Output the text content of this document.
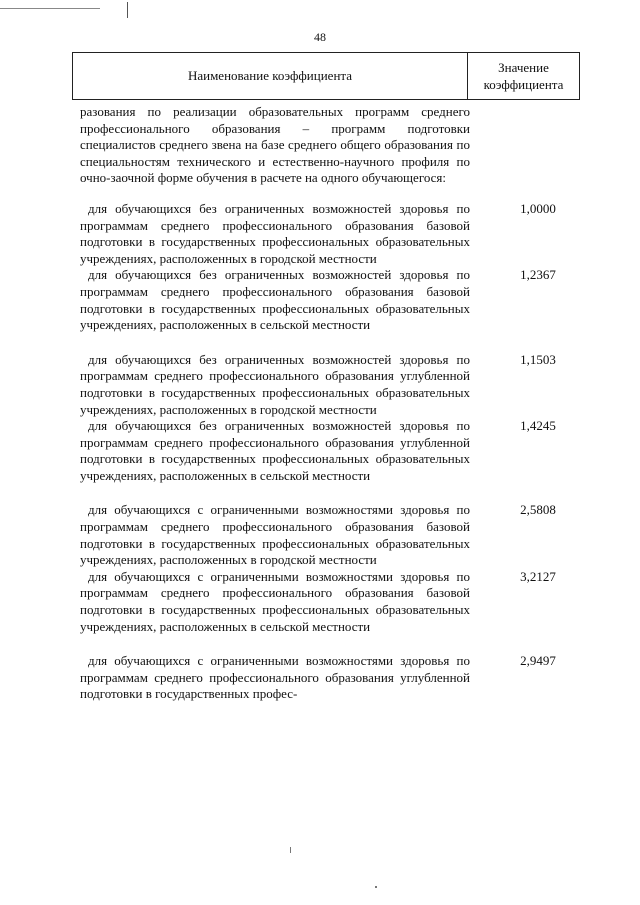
48
Наименование коэффициента
Значение
коэффициента
разования по реализации образовательных программ среднего профессионального образования – программ подготовки специалистов среднего звена на базе среднего общего образования по специальностям технического и естественно-научного профиля по очно-заочной форме обучения в расчете на одного обучающегося:
для обучающихся без ограниченных возможностей здоровья по программам среднего профессионального образования базовой подготовки в государственных профессиональных образовательных учреждениях, расположенных в городской местности
1,0000
для обучающихся без ограниченных возможностей здоровья по программам среднего профессионального образования базовой подготовки в государственных профессиональных образовательных учреждениях, расположенных в сельской местности
1,2367
для обучающихся без ограниченных возможностей здоровья по программам среднего профессионального образования углубленной подготовки в государственных профессиональных образовательных учреждениях, расположенных в городской местности
1,1503
для обучающихся без ограниченных возможностей здоровья по программам среднего профессионального образования углубленной подготовки в государственных профессиональных образовательных учреждениях, расположенных в сельской местности
1,4245
для обучающихся с ограниченными возможностями здоровья по программам среднего профессионального образования базовой подготовки в государственных профессиональных образовательных учреждениях, расположенных в городской местности
2,5808
для обучающихся с ограниченными возможностями здоровья по программам среднего профессионального образования базовой подготовки в государственных профессиональных образовательных учреждениях, расположенных в сельской местности
3,2127
для обучающихся с ограниченными возможностями здоровья по программам среднего профессионального образования углубленной подготовки в государственных профес-
2,9497
